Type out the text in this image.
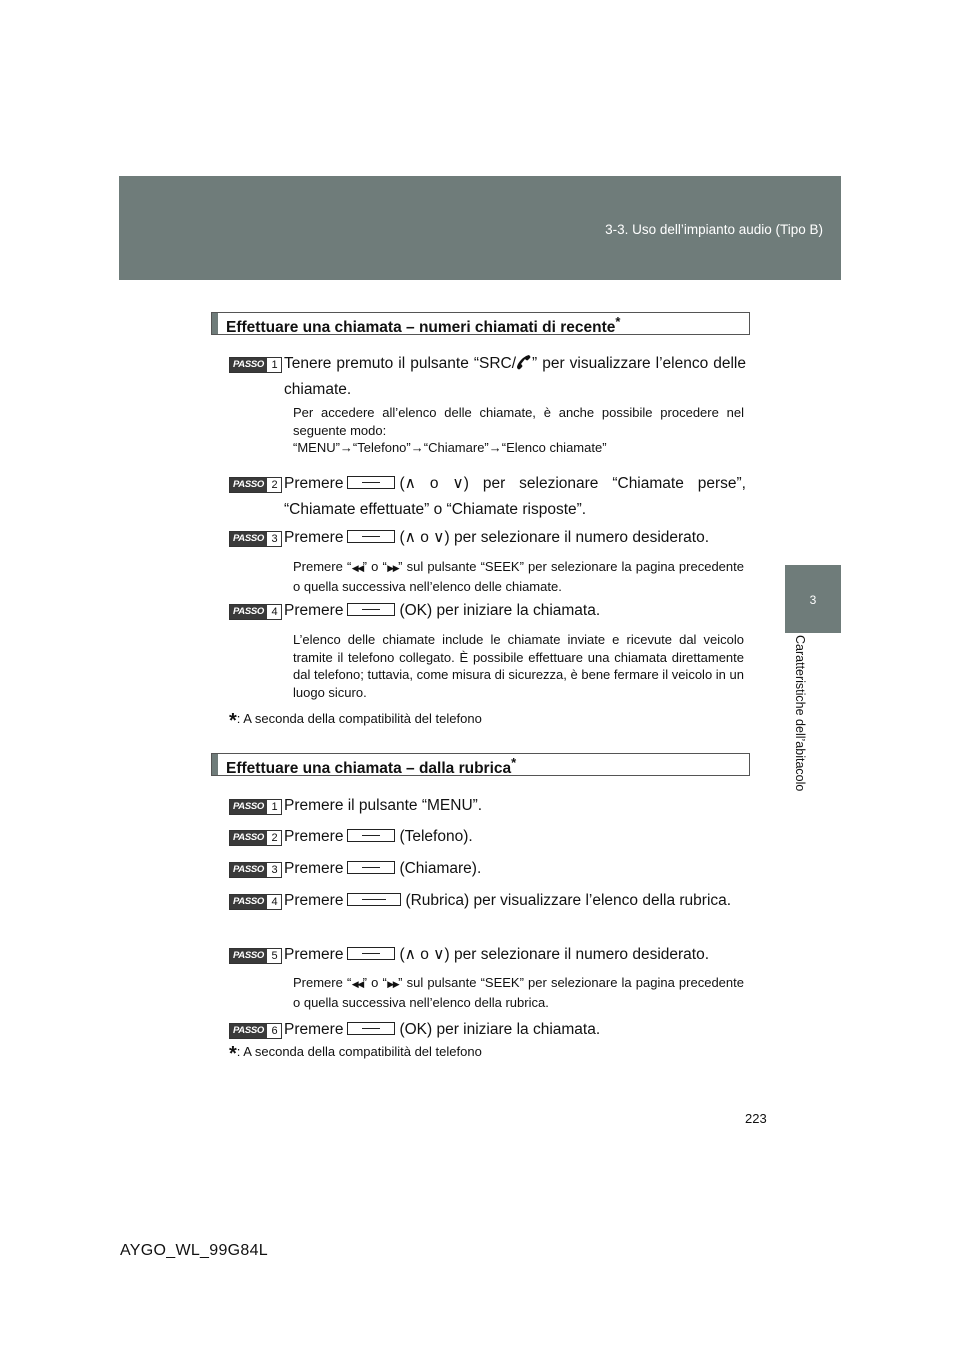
3-3. Uso dell’impianto audio (Tipo B)
3
Caratteristiche dell’abitacolo
Effettuare una chiamata – numeri chiamati di recente*
PASSO 1 Tenere premuto il pulsante “SRC/ ” per visualizzare l’elenco delle chiamate.
Per accedere all’elenco delle chiamate, è anche possibile procedere nel seguente modo:
“MENU”→“Telefono”→“Chiamare”→“Elenco chiamate”
PASSO 2 Premere	(∧ o ∨) per selezionare “Chiamate perse”, “Chiamate effettuate” o “Chiamate risposte”.
PASSO 3 Premere	(∧ o ∨) per selezionare il numero desiderato.
Premere “◀◀” o “▶▶” sul pulsante “SEEK” per selezionare la pagina precedente o quella successiva nell’elenco delle chiamate.
PASSO 4 Premere	(OK) per iniziare la chiamata.
L’elenco delle chiamate include le chiamate inviate e ricevute dal veicolo tramite il telefono collegato. È possibile effettuare una chiamata direttamente dal telefono; tuttavia, come misura di sicurezza, è bene fermare il veicolo in un luogo sicuro.
*: A seconda della compatibilità del telefono
Effettuare una chiamata – dalla rubrica*
PASSO 1 Premere il pulsante “MENU”.
PASSO 2 Premere	(Telefono).
PASSO 3 Premere	(Chiamare).
PASSO 4 Premere	(Rubrica) per visualizzare l’elenco della rubrica.
PASSO 5 Premere	(∧ o ∨) per selezionare il numero desiderato.
Premere “◀◀” o “▶▶” sul pulsante “SEEK” per selezionare la pagina precedente o quella successiva nell’elenco della rubrica.
PASSO 6 Premere	(OK) per iniziare la chiamata.
*: A seconda della compatibilità del telefono
223
AYGO_WL_99G84L
